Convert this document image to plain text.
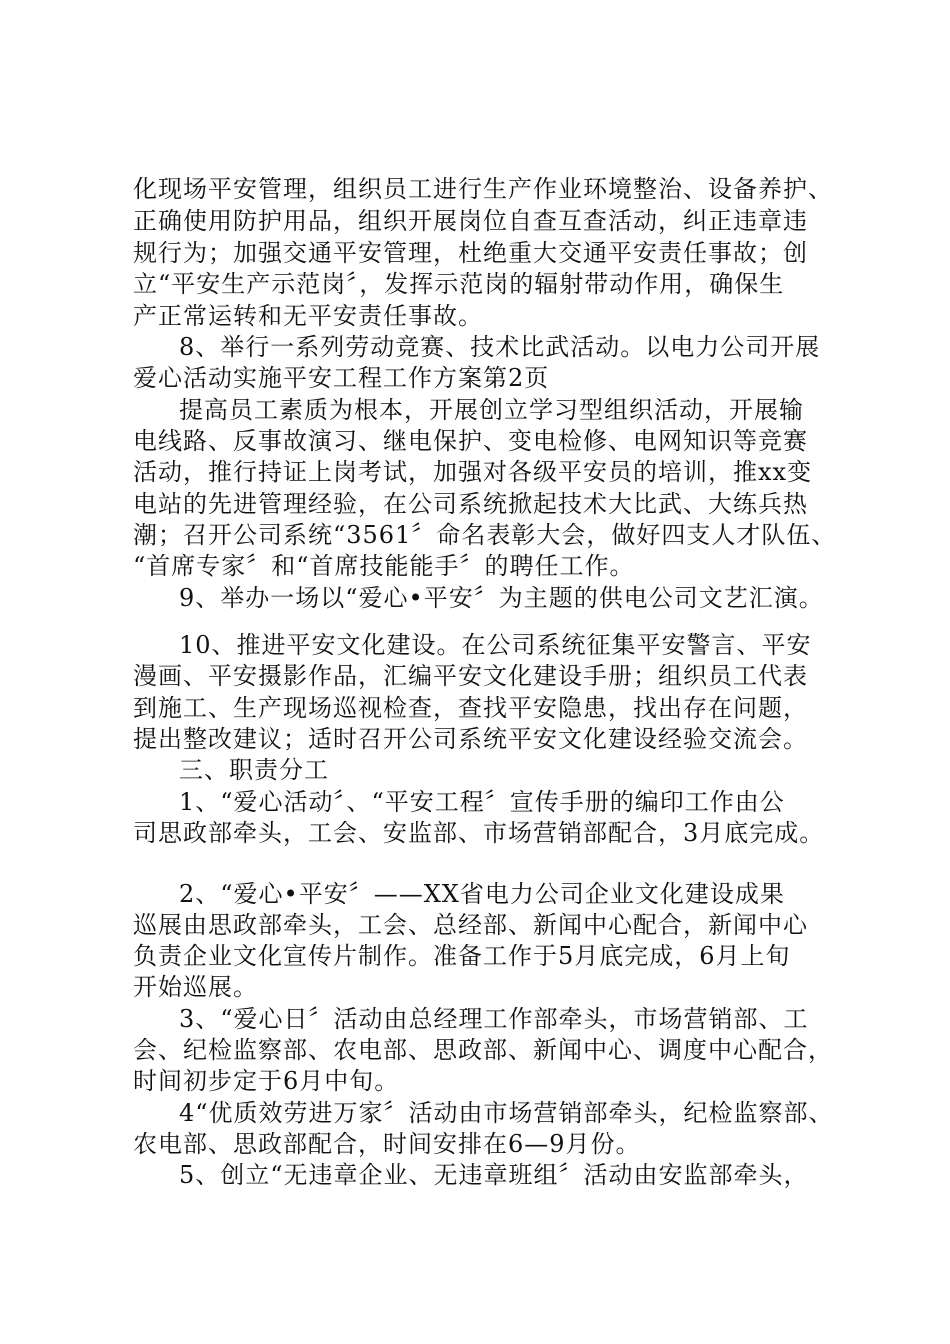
化现场平安管理，组织员工进行生产作业环境整治、设备养护、
正确使用防护用品，组织开展岗位自查互查活动，纠正违章违
规行为；加强交通平安管理，杜绝重大交通平安责任事故；创
立“平安生产示范岗〞，发挥示范岗的辐射带动作用，确保生
产正常运转和无平安责任事故。
8、举行一系列劳动竞赛、技术比武活动。以电力公司开展
爱心活动实施平安工程工作方案第2页
提高员工素质为根本，开展创立学习型组织活动，开展输
电线路、反事故演习、继电保护、变电检修、电网知识等竞赛
活动，推行持证上岗考试，加强对各级平安员的培训，推xx变
电站的先进管理经验，在公司系统掀起技术大比武、大练兵热
潮；召开公司系统“3561〞命名表彰大会，做好四支人才队伍、
“首席专家〞和“首席技能能手〞的聘任工作。
9、举办一场以“爱心•平安〞为主题的供电公司文艺汇演。
10、推进平安文化建设。在公司系统征集平安警言、平安
漫画、平安摄影作品，汇编平安文化建设手册；组织员工代表
到施工、生产现场巡视检查，查找平安隐患，找出存在问题，
提出整改建议；适时召开公司系统平安文化建设经验交流会。
三、职责分工
1、“爱心活动〞、“平安工程〞宣传手册的编印工作由公
司思政部牵头，工会、安监部、市场营销部配合，3月底完成。
2、“爱心•平安〞——XX省电力公司企业文化建设成果
巡展由思政部牵头，工会、总经部、新闻中心配合，新闻中心
负责企业文化宣传片制作。准备工作于5月底完成，6月上旬
开始巡展。
3、“爱心日〞活动由总经理工作部牵头，市场营销部、工
会、纪检监察部、农电部、思政部、新闻中心、调度中心配合，
时间初步定于6月中旬。
4“优质效劳进万家〞活动由市场营销部牵头，纪检监察部、
农电部、思政部配合，时间安排在6—9月份。
5、创立“无违章企业、无违章班组〞活动由安监部牵头，
